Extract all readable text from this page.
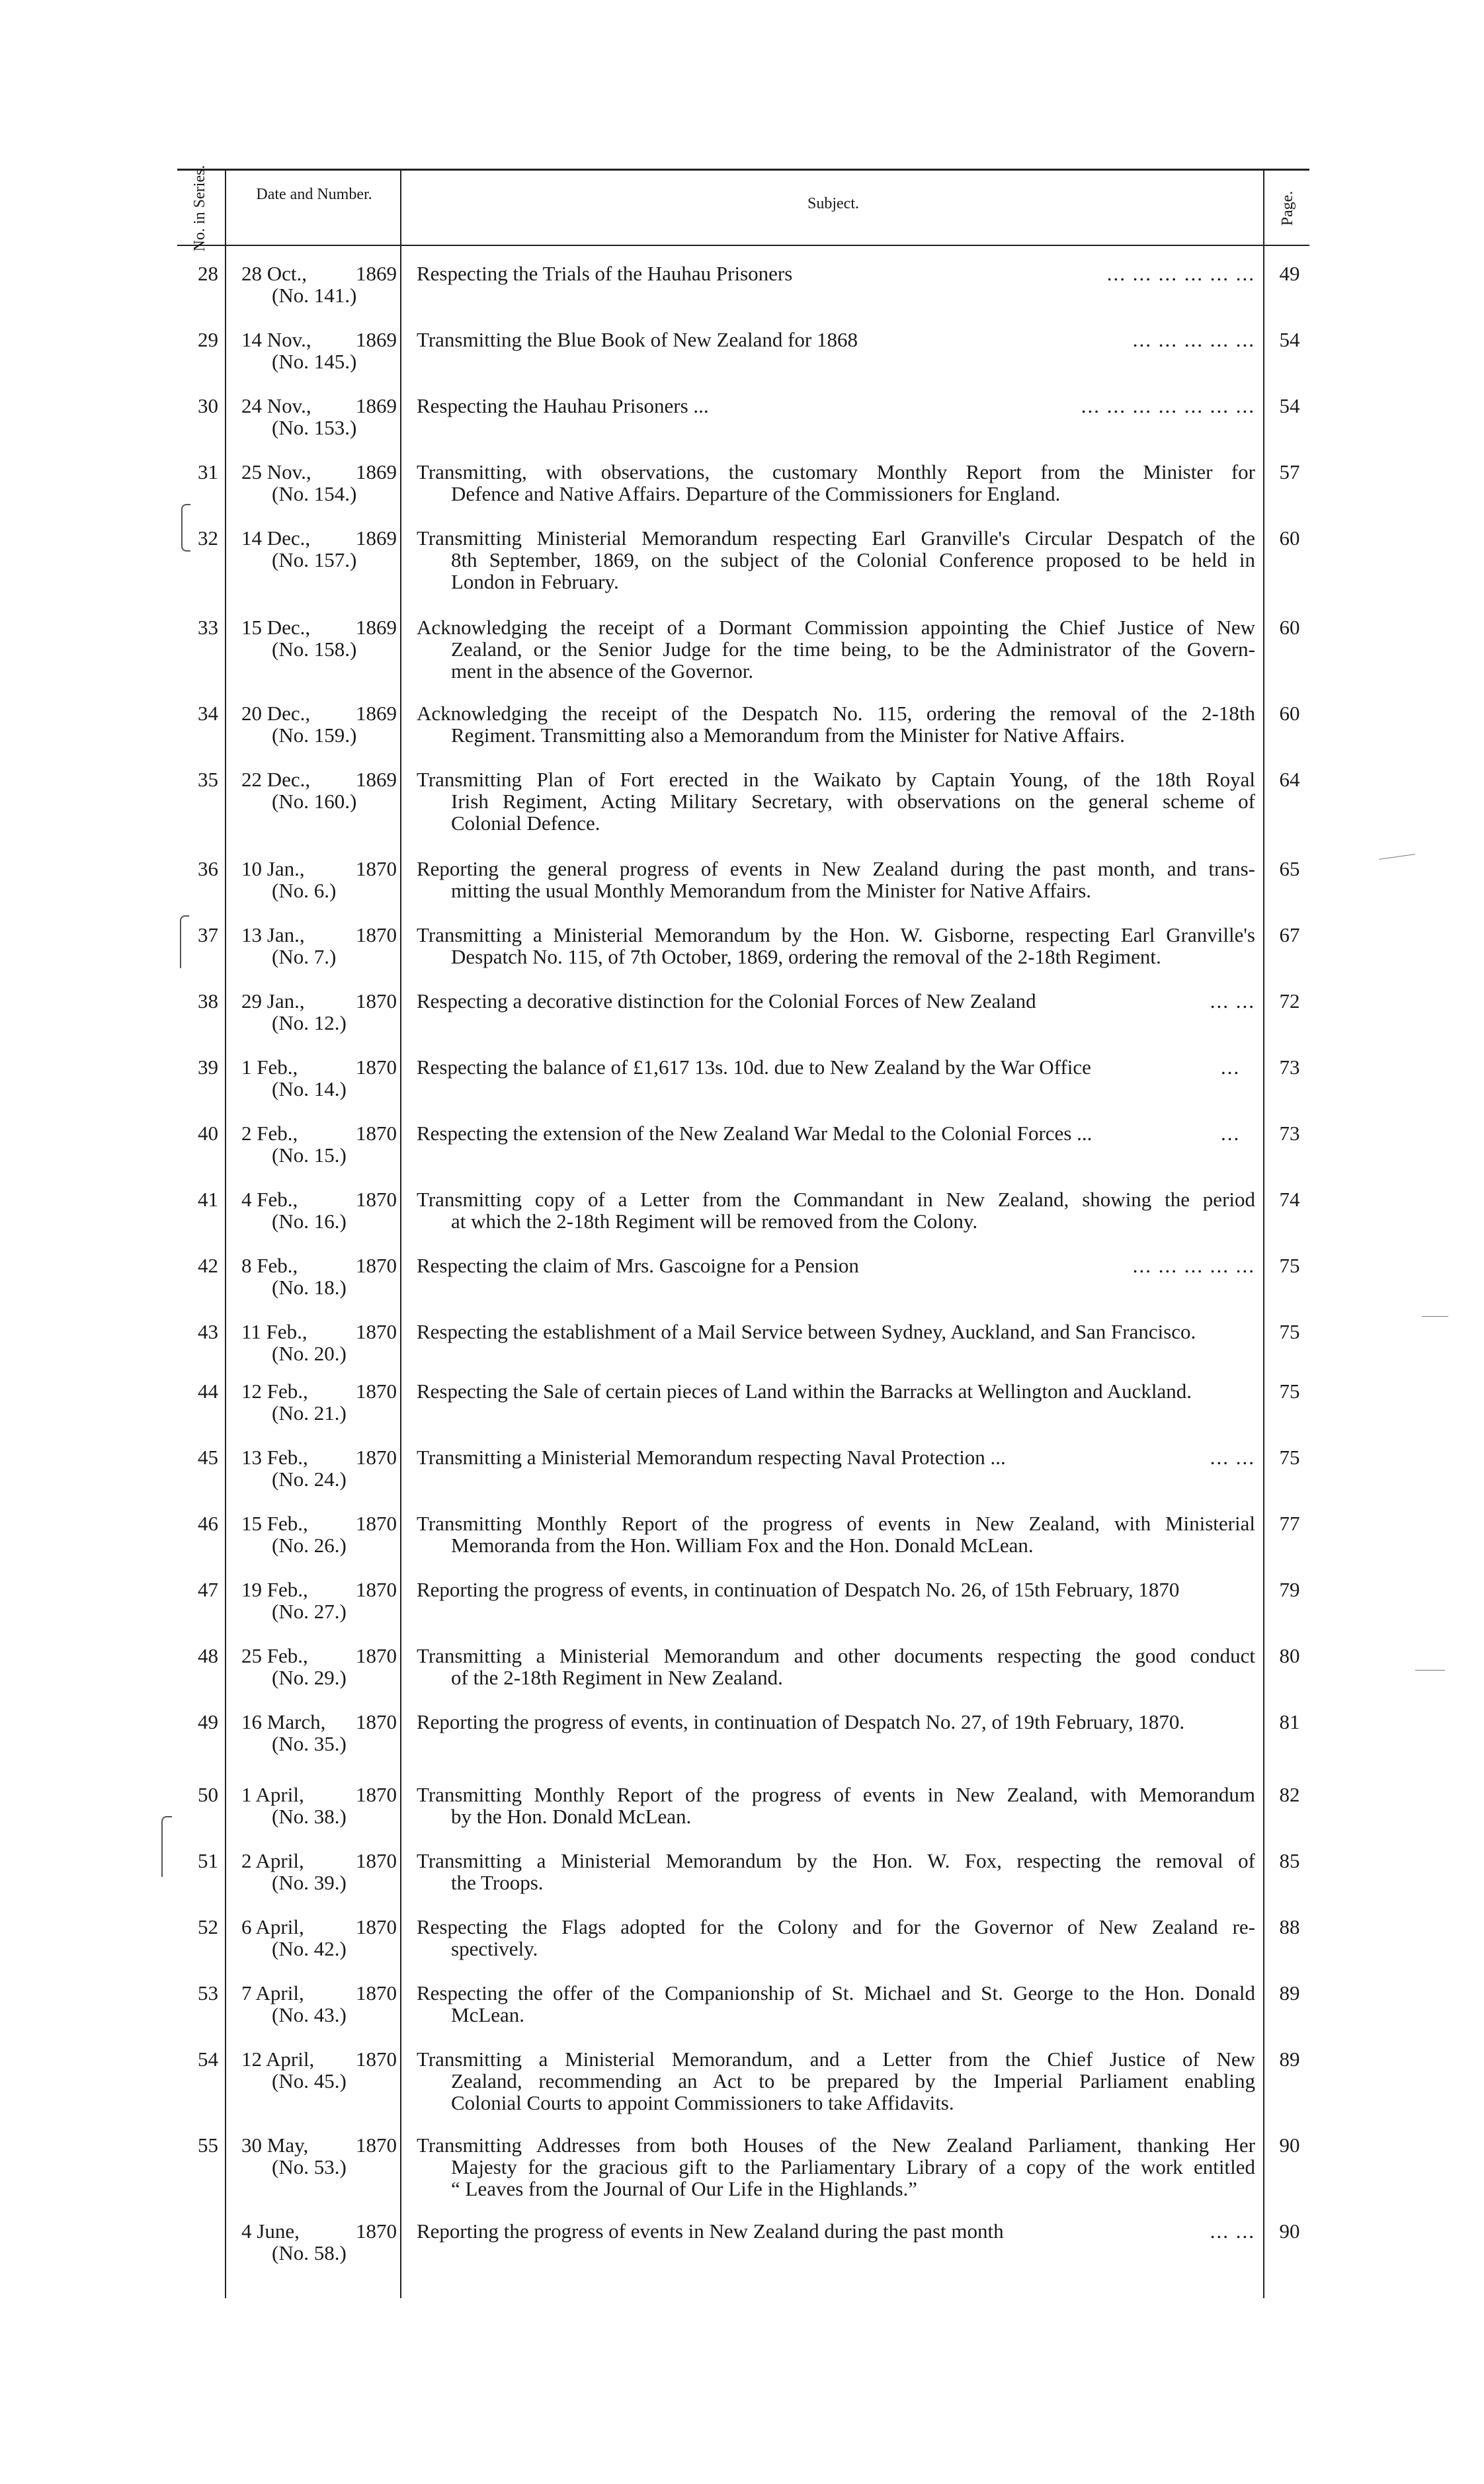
No. in Series.	Date and Number.
Subject.	Page.
28 28 Oct., 1869
(No. 141.)
Respecting the Trials of the Hauhau Prisoners	... ... ... ... ... ...	49
29 14 Nov., 1869
(No. 145.)
Transmitting the Blue Book of New Zealand for 1868	... ... ... ... ...	54
30 24 Nov., 1869
(No. 153.)
Respecting the Hauhau Prisoners ...	... ... ... ... ... ... ...	54
31 25 Nov., 1869
(No. 154.)
Transmitting, with observations, the customary Monthly Report from the Minister for
Defence and Native Affairs. Departure of the Commissioners for England.
57
32 14 Dec., 1869
(No. 157.)
Transmitting Ministerial Memorandum respecting Earl Granville's Circular Despatch of the
8th September, 1869, on the subject of the Colonial Conference proposed to be held in
London in February.
60
33 15 Dec., 1869
(No. 158.)
Acknowledging the receipt of a Dormant Commission appointing the Chief Justice of New
Zealand, or the Senior Judge for the time being, to be the Administrator of the Govern-
ment in the absence of the Governor.
60
34 20 Dec., 1869
(No. 159.)
Acknowledging the receipt of the Despatch No. 115, ordering the removal of the 2-18th
Regiment. Transmitting also a Memorandum from the Minister for Native Affairs.
60
35 22 Dec., 1869
(No. 160.)
Transmitting Plan of Fort erected in the Waikato by Captain Young, of the 18th Royal
Irish Regiment, Acting Military Secretary, with observations on the general scheme of
Colonial Defence.
64
36 10 Jan., 1870
(No. 6.)
Reporting the general progress of events in New Zealand during the past month, and trans-
mitting the usual Monthly Memorandum from the Minister for Native Affairs.
65
37 13 Jan., 1870
(No. 7.)
Transmitting a Ministerial Memorandum by the Hon. W. Gisborne, respecting Earl Granville's
Despatch No. 115, of 7th October, 1869, ordering the removal of the 2-18th Regiment.
67
38 29 Jan., 1870
(No. 12.)
Respecting a decorative distinction for the Colonial Forces of New Zealand	... ...	72
39 1 Feb.,	1870
(No. 14.)
Respecting the balance of £1,617 13s. 10d. due to New Zealand by the War Office	...	73
40 2 Feb.,	1870
(No. 15.)
Respecting the extension of the New Zealand War Medal to the Colonial Forces ...	...	73
41 4 Feb.,	1870
(No. 16.)
Transmitting copy of a Letter from the Commandant in New Zealand, showing the period
at which the 2-18th Regiment will be removed from the Colony.
74
42 8 Feb.,	1870
(No. 18.)
Respecting the claim of Mrs. Gascoigne for a Pension	... ... ... ... ...	75
43 11 Feb., 1870
(No. 20.)
Respecting the establishment of a Mail Service between Sydney, Auckland, and San Francisco.	75
44 12 Feb., 1870
(No. 21.)
Respecting the Sale of certain pieces of Land within the Barracks at Wellington and Auckland.	75
45 13 Feb., 1870
(No. 24.)
Transmitting a Ministerial Memorandum respecting Naval Protection ...	... ...	75
46 15 Feb., 1870
(No. 26.)
Transmitting Monthly Report of the progress of events in New Zealand, with Ministerial
Memoranda from the Hon. William Fox and the Hon. Donald McLean.
77
47 19 Feb., 1870
(No. 27.)
Reporting the progress of events, in continuation of Despatch No. 26, of 15th February, 1870	79
48 25 Feb., 1870
(No. 29.)
Transmitting a Ministerial Memorandum and other documents respecting the good conduct
of the 2-18th Regiment in New Zealand.
80
49 16 March, 1870
(No. 35.)
Reporting the progress of events, in continuation of Despatch No. 27, of 19th February, 1870.	81
50 1 April,	1870
(No. 38.)
Transmitting Monthly Report of the progress of events in New Zealand, with Memorandum
by the Hon. Donald McLean.
82
51 2 April,	1870
(No. 39.)
Transmitting a Ministerial Memorandum by the Hon. W. Fox, respecting the removal of
the Troops.
85
52 6 April,	1870
(No. 42.)
Respecting the Flags adopted for the Colony and for the Governor of New Zealand re-
spectively.
88
53 7 April,	1870
(No. 43.)
Respecting the offer of the Companionship of St. Michael and St. George to the Hon. Donald
McLean.
89
54 12 April, 1870
(No. 45.)
Transmitting a Ministerial Memorandum, and a Letter from the Chief Justice of New
Zealand, recommending an Act to be prepared by the Imperial Parliament enabling
Colonial Courts to appoint Commissioners to take Affidavits.
89
55 30 May, 1870
(No. 53.)
Transmitting Addresses from both Houses of the New Zealand Parliament, thanking Her
Majesty for the gracious gift to the Parliamentary Library of a copy of the work entitled
“ Leaves from the Journal of Our Life in the Highlands.”
90
4 June,	1870
(No. 58.)
Reporting the progress of events in New Zealand during the past month	... ...	90
